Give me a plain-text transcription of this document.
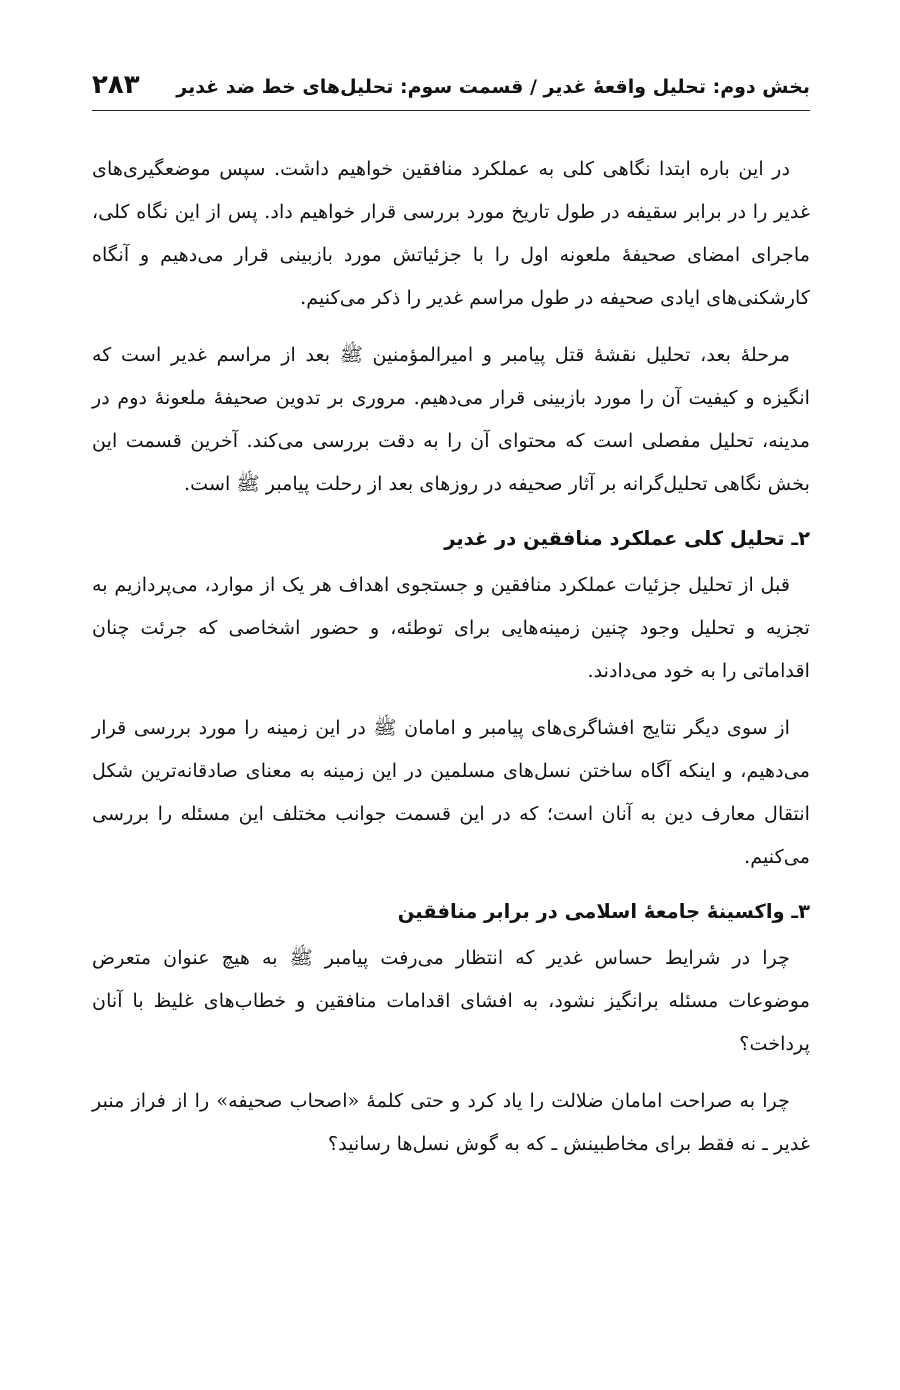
بخش دوم: تحلیل واقعهٔ غدیر / قسمت سوم: تحلیل‌های خط ضد غدیر
۲۸۳

در این باره ابتدا نگاهی کلی به عملکرد منافقین خواهیم داشت. سپس موضعگیری‌های غدیر را در برابر سقیفه در طول تاریخ مورد بررسی قرار خواهیم داد. پس از این نگاه کلی، ماجرای امضای صحیفهٔ ملعونه اول را با جزئیاتش مورد بازبینی قرار می‌دهیم و آنگاه کارشکنی‌های ایادی صحیفه در طول مراسم غدیر را ذکر می‌کنیم.

مرحلهٔ بعد، تحلیل نقشهٔ قتل پیامبر و امیرالمؤمنین ﷺ بعد از مراسم غدیر است که انگیزه و کیفیت آن را مورد بازبینی قرار می‌دهیم. مروری بر تدوین صحیفهٔ ملعونهٔ دوم در مدینه، تحلیل مفصلی است که محتوای آن را به دقت بررسی می‌کند. آخرین قسمت این بخش نگاهی تحلیل‌گرانه بر آثار صحیفه در روزهای بعد از رحلت پیامبر ﷺ است.

۲ـ تحلیل کلی عملکرد منافقین در غدیر

قبل از تحلیل جزئیات عملکرد منافقین و جستجوی اهداف هر یک از موارد، می‌پردازیم به تجزیه و تحلیل وجود چنین زمینه‌هایی برای توطئه، و حضور اشخاصی که جرئت چنان اقداماتی را به خود می‌دادند.

از سوی دیگر نتایج افشاگری‌های پیامبر و امامان ﷺ در این زمینه را مورد بررسی قرار می‌دهیم، و اینکه آگاه ساختن نسل‌های مسلمین در این زمینه به معنای صادقانه‌ترین شکل انتقال معارف دین به آنان است؛ که در این قسمت جوانب مختلف این مسئله را بررسی می‌کنیم.

۳ـ واکسینهٔ جامعهٔ اسلامی در برابر منافقین

چرا در شرایط حساس غدیر که انتظار می‌رفت پیامبر ﷺ به هیچ عنوان متعرض موضوعات مسئله برانگیز نشود، به افشای اقدامات منافقین و خطاب‌های غلیظ با آنان پرداخت؟

چرا به صراحت امامان ضلالت را یاد کرد و حتی کلمهٔ «اصحاب صحیفه» را از فراز منبر غدیر ـ نه فقط برای مخاطبینش ـ که به گوش نسل‌ها رسانید؟
